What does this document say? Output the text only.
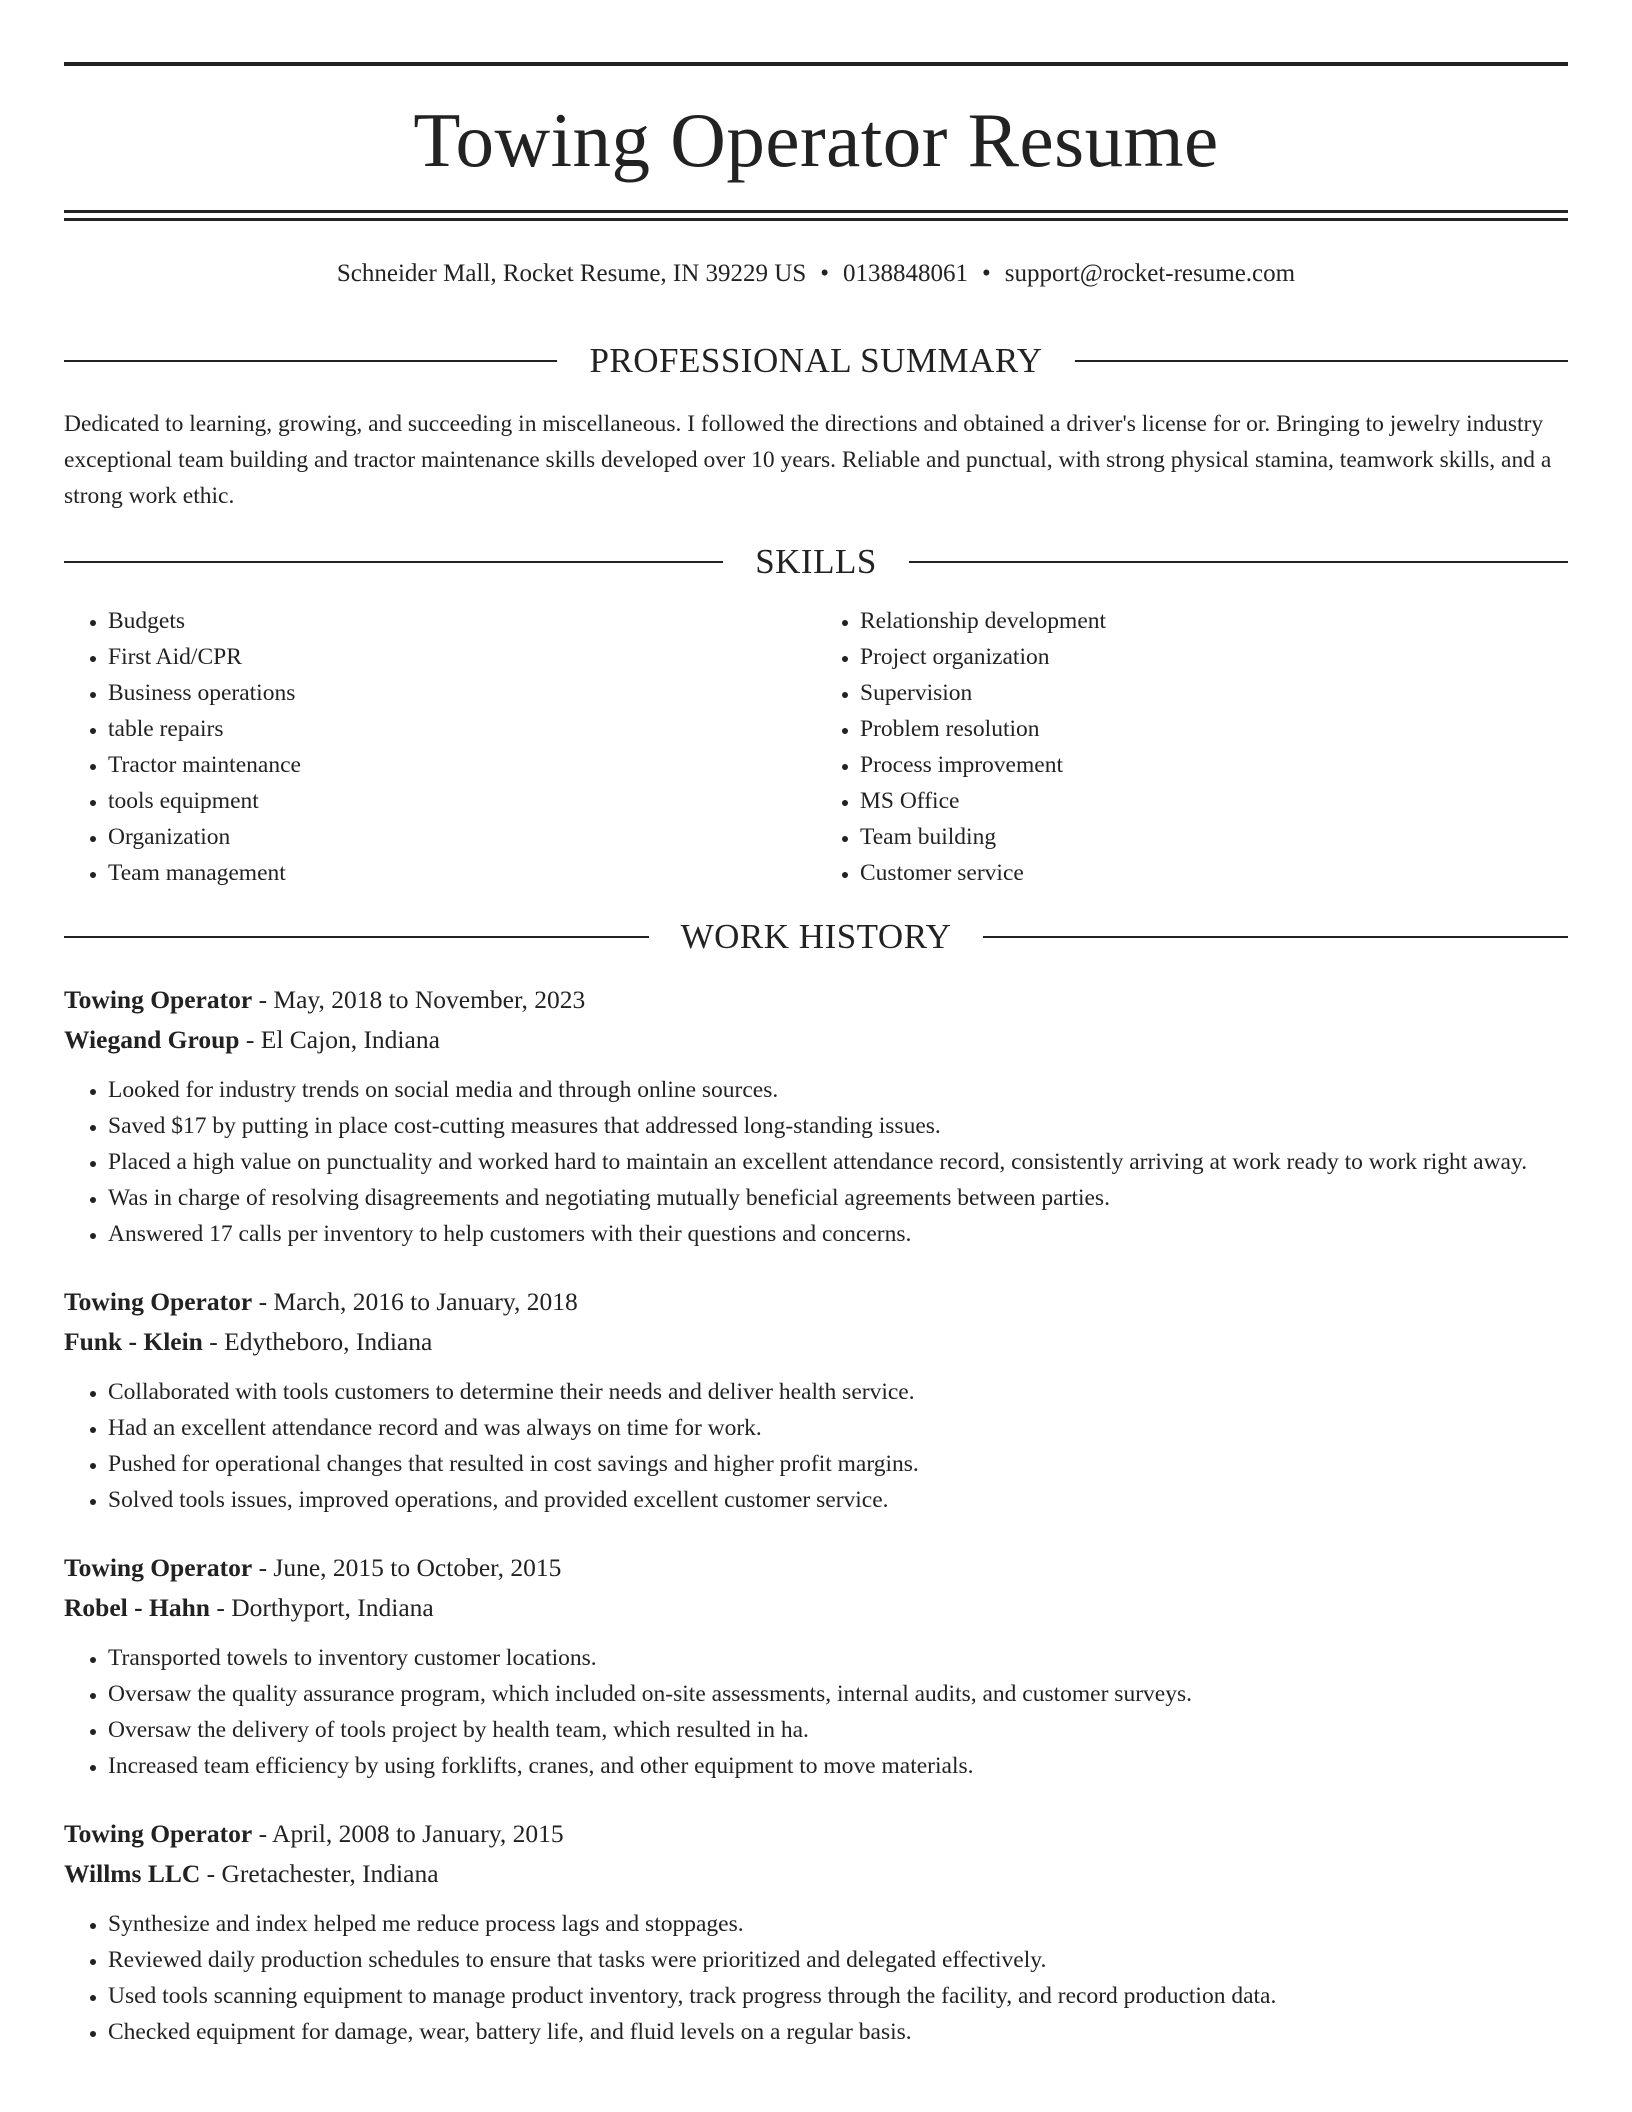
Towing Operator Resume
Schneider Mall, Rocket Resume, IN 39229 US • 0138848061 • support@rocket-resume.com
PROFESSIONAL SUMMARY

Dedicated to learning, growing, and succeeding in miscellaneous. I followed the directions and obtained a driver's license for or. Bringing to jewelry industry exceptional team building and tractor maintenance skills developed over 10 years. Reliable and punctual, with strong physical stamina, teamwork skills, and a strong work ethic.

SKILLS
• Budgets
• First Aid/CPR
• Business operations
• table repairs
• Tractor maintenance
• tools equipment
• Organization
• Team management
• Relationship development
• Project organization
• Supervision
• Problem resolution
• Process improvement
• MS Office
• Team building
• Customer service
WORK HISTORY
Towing Operator - May, 2018 to November, 2023
Wiegand Group - El Cajon, Indiana
• Looked for industry trends on social media and through online sources.
• Saved $17 by putting in place cost-cutting measures that addressed long-standing issues.
• Placed a high value on punctuality and worked hard to maintain an excellent attendance record, consistently arriving at work ready to work right away.
• Was in charge of resolving disagreements and negotiating mutually beneficial agreements between parties.
• Answered 17 calls per inventory to help customers with their questions and concerns.
Towing Operator - March, 2016 to January, 2018
Funk - Klein - Edytheboro, Indiana
• Collaborated with tools customers to determine their needs and deliver health service.
• Had an excellent attendance record and was always on time for work.
• Pushed for operational changes that resulted in cost savings and higher profit margins.
• Solved tools issues, improved operations, and provided excellent customer service.
Towing Operator - June, 2015 to October, 2015
Robel - Hahn - Dorthyport, Indiana
• Transported towels to inventory customer locations.
• Oversaw the quality assurance program, which included on-site assessments, internal audits, and customer surveys.
• Oversaw the delivery of tools project by health team, which resulted in ha.
• Increased team efficiency by using forklifts, cranes, and other equipment to move materials.
Towing Operator - April, 2008 to January, 2015
Willms LLC - Gretachester, Indiana
• Synthesize and index helped me reduce process lags and stoppages.
• Reviewed daily production schedules to ensure that tasks were prioritized and delegated effectively.
• Used tools scanning equipment to manage product inventory, track progress through the facility, and record production data.
• Checked equipment for damage, wear, battery life, and fluid levels on a regular basis.
